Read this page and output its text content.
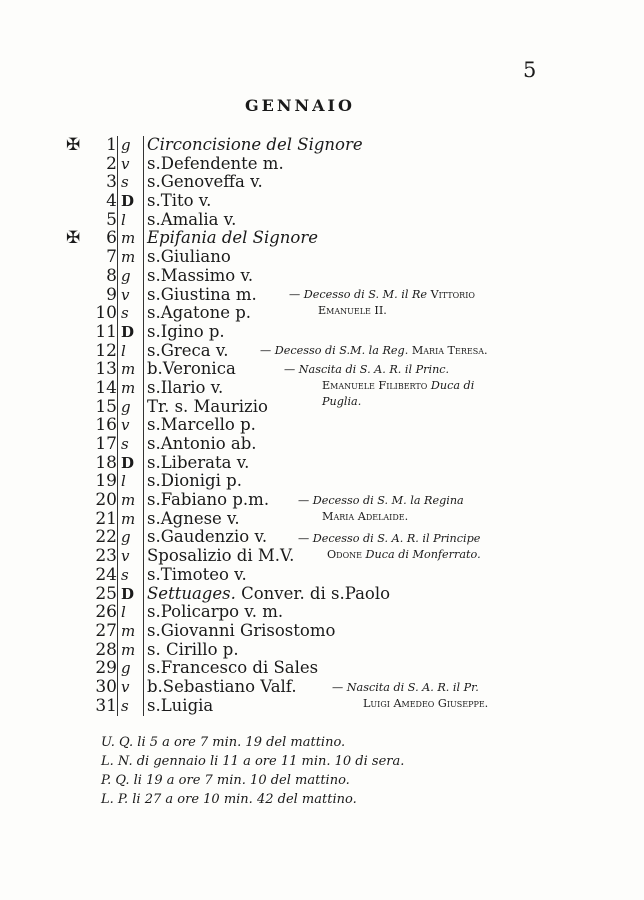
5
GENNAIO
✠	1 g Circoncisione del Signore
2 v s.Defendente m.
3 s s.Genoveffa v.
4 D s.Tito v.
5 l s.Amalia v.
✠	6 m Epifania del Signore
7 m s.Giuliano
8 g s.Massimo v.
9 v s.Giustina m.
10 s s.Agatone p.
11 D s.Igino p.
12 l s.Greca v.
13 m b.Veronica
14 m s.Ilario v.
15 g Tr. s. Maurizio
16 v s.Marcello p.
17 s s.Antonio ab.
18 D s.Liberata v.
19 l s.Dionigi p.
20 m s.Fabiano p.m.
21 m s.Agnese v.
22 g s.Gaudenzio v.
23 v Sposalizio di M.V.
24 s s.Timoteo v.
25 D Settuages. Conver. di s.Paolo
26 l s.Policarpo v. m.
27 m s.Giovanni Grisostomo
28 m s. Cirillo p.
29 g s.Francesco di Sales
30 v b.Sebastiano Valf.
31 s s.Luigia
— Decesso di S. M. il Re Vittorio
Emanuele II.
— Decesso di S.M. la Reg. Maria Teresa.
— Nascita di S. A. R. il Princ.
Emanuele Filiberto Duca di
Puglia.
— Decesso di S. M. la Regina
Maria Adelaide.
— Decesso di S. A. R. il Principe
Odone Duca di Monferrato.
— Nascita di S. A. R. il Pr.
Luigi Amedeo Giuseppe.
U. Q. li 5 a ore 7 min. 19 del mattino.
L. N. di gennaio li 11 a ore 11 min. 10 di sera.
P. Q. li 19 a ore 7 min. 10 del mattino.
L. P. li 27 a ore 10 min. 42 del mattino.
